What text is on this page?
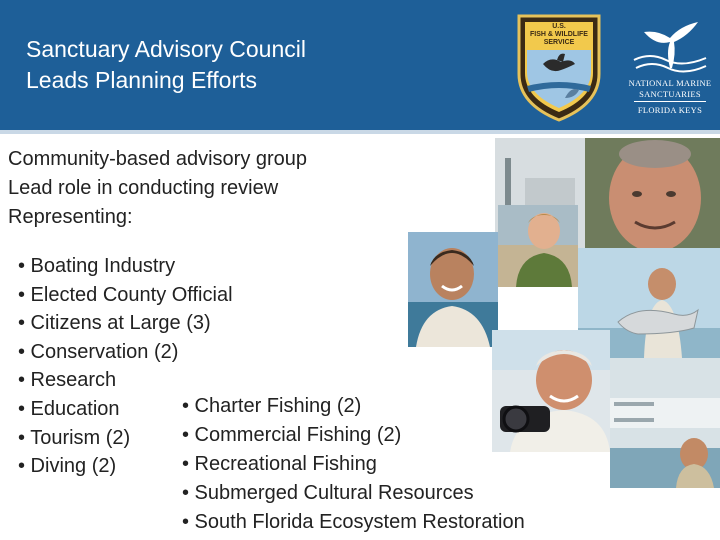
Sanctuary Advisory Council
Leads Planning Efforts
U.S.
FISH & WILDLIFE
SERVICE
NATIONAL MARINE
SANCTUARIES
FLORIDA KEYS
Community-based advisory group
Lead role in conducting review
Representing:
• Boating Industry
• Elected County Official
• Citizens at Large (3)
• Conservation (2)
• Research
• Education
• Tourism (2)
• Diving (2)
• Charter Fishing (2)
• Commercial Fishing (2)
• Recreational Fishing
• Submerged Cultural Resources
• South Florida Ecosystem Restoration
